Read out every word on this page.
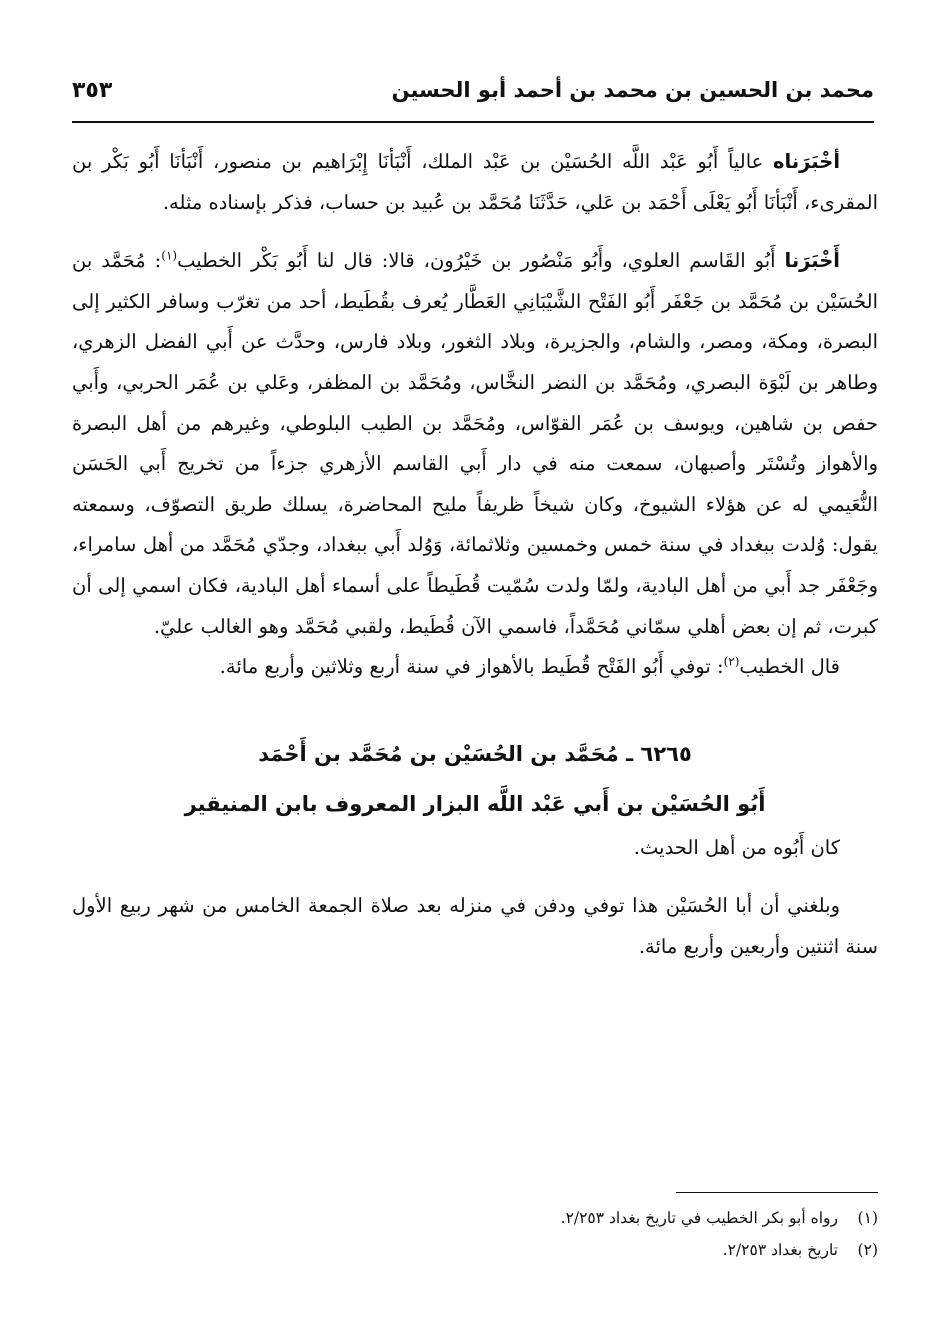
محمد بن الحسين بن محمد بن أحمد أبو الحسين
٣٥٣

أخْبَرَناه عالياً أَبُو عَبْد اللَّه الحُسَيْن بن عَبْد الملك، أَنْبَأنَا إِبْرَاهيم بن منصور، أَنْبَأنَا أَبُو بَكْر بن المقرىء، أَنْبَأنَا أَبُو يَعْلَى أَحْمَد بن عَلي، حَدَّثَنَا مُحَمَّد بن عُبيد بن حساب، فذكر بإسناده مثله.

أَخْبَرَنا أَبُو القَاسم العلوي، وأَبُو مَنْصُور بن خَيْرُون، قالا: قال لنا أَبُو بَكْر الخطيب$^{(١)}$: مُحَمَّد بن الحُسَيْن بن مُحَمَّد بن جَعْفَر أَبُو الفَتْح الشَّيْبَانِي العَطَّار يُعرف بقُطَيط، أحد من تغرّب وسافر الكثير إلى البصرة، ومكة، ومصر، والشام، والجزيرة، وبلاد الثغور، وبلاد فارس، وحدَّث عن أَبي الفضل الزهري، وطاهر بن لَبْوَة البصري، ومُحَمَّد بن النضر النخَّاس، ومُحَمَّد بن المظفر، وعَلي بن عُمَر الحربي، وأَبي حفص بن شاهين، ويوسف بن عُمَر القوّاس، ومُحَمَّد بن الطيب البلوطي، وغيرهم من أهل البصرة والأهواز وتُسْتَر وأصبهان، سمعت منه في دار أَبي القاسم الأزهري جزءاً من تخريج أَبي الحَسَن النُّعَيمي له عن هؤلاء الشيوخ، وكان شيخاً ظريفاً مليح المحاضرة، يسلك طريق التصوّف، وسمعته يقول: وُلدت ببغداد في سنة خمس وخمسين وثلاثمائة، وَوُلد أَبي ببغداد، وجدّي مُحَمَّد من أهل سامراء، وجَعْفَر جد أَبي من أهل البادية، ولمّا ولدت سُمّيت قُطَيطاً على أسماء أهل البادية، فكان اسمي إلى أن كبرت، ثم إن بعض أهلي سمّاني مُحَمَّداً، فاسمي الآن قُطَيط، ولقبي مُحَمَّد وهو الغالب عليّ.

قال الخطيب$^{(٢)}$: توفي أَبُو الفَتْح قُطَيط بالأهواز في سنة أربع وثلاثين وأربع مائة.

٦٢٦٥ ـ مُحَمَّد بن الحُسَيْن بن مُحَمَّد بن أَحْمَد

أَبُو الحُسَيْن بن أَبي عَبْد اللَّه البزار المعروف بابن المنيقير

كان أَبُوه من أهل الحديث.

وبلغني أن أبا الحُسَيْن هذا توفي ودفن في منزله بعد صلاة الجمعة الخامس من شهر ربيع الأول سنة اثنتين وأربعين وأربع مائة.

(١)رواه أبو بكر الخطيب في تاريخ بغداد ٢/٢٥٣.

(٢)تاريخ بغداد ٢/٢٥٣.
